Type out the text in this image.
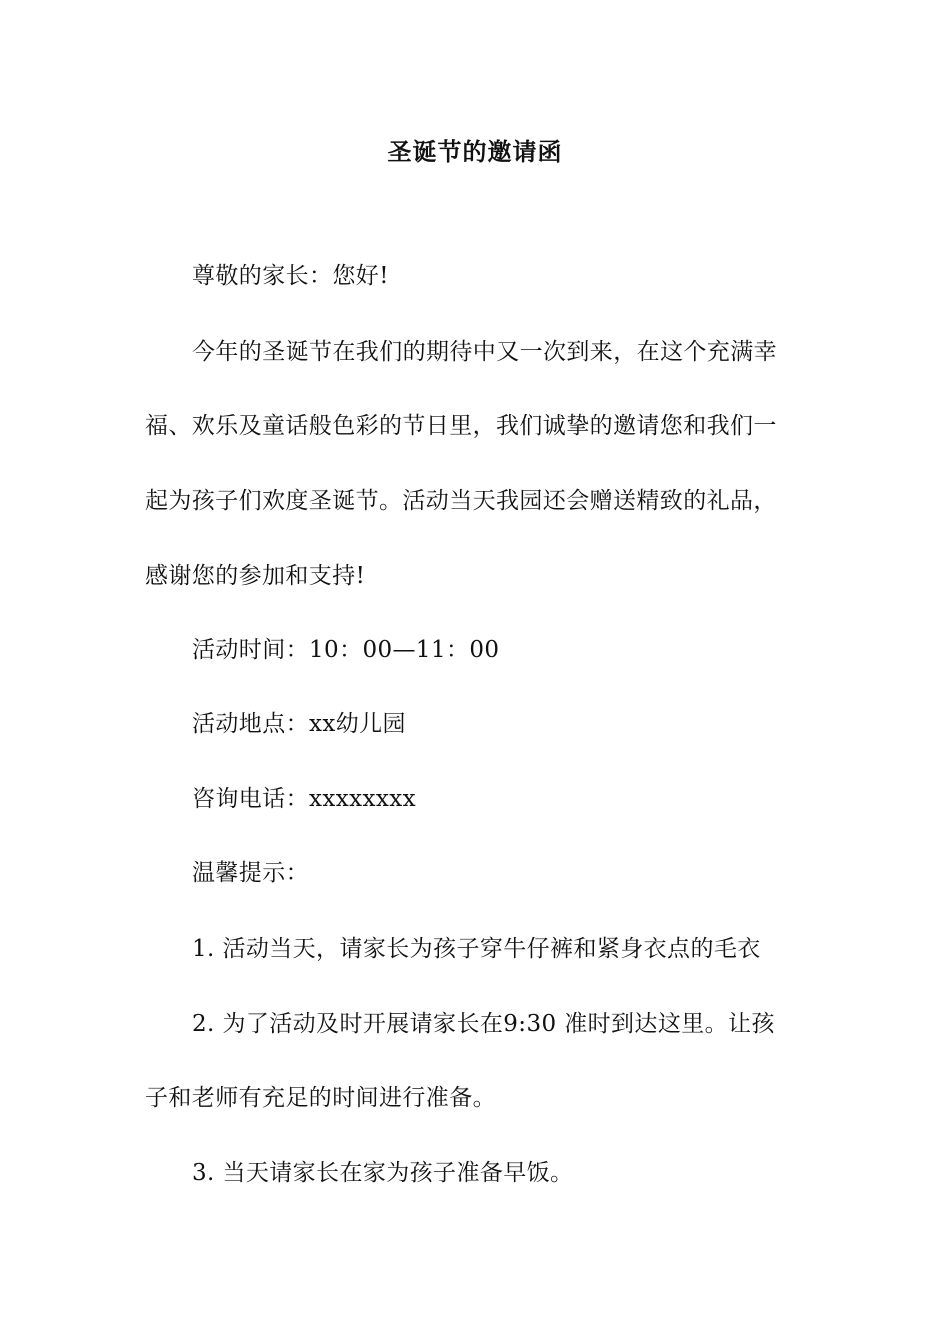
圣诞节的邀请函
尊敬的家长：您好!
今年的圣诞节在我们的期待中又一次到来，在这个充满幸
福、欢乐及童话般色彩的节日里，我们诚挚的邀请您和我们一
起为孩子们欢度圣诞节。活动当天我园还会赠送精致的礼品，
感谢您的参加和支持!
活动时间：10：00—11：00
活动地点：xx幼儿园
咨询电话：xxxxxxxx
温馨提示：
1. 活动当天，请家长为孩子穿牛仔裤和紧身衣点的毛衣
2. 为了活动及时开展请家长在9:30 准时到达这里。让孩
子和老师有充足的时间进行准备。
3. 当天请家长在家为孩子准备早饭。
